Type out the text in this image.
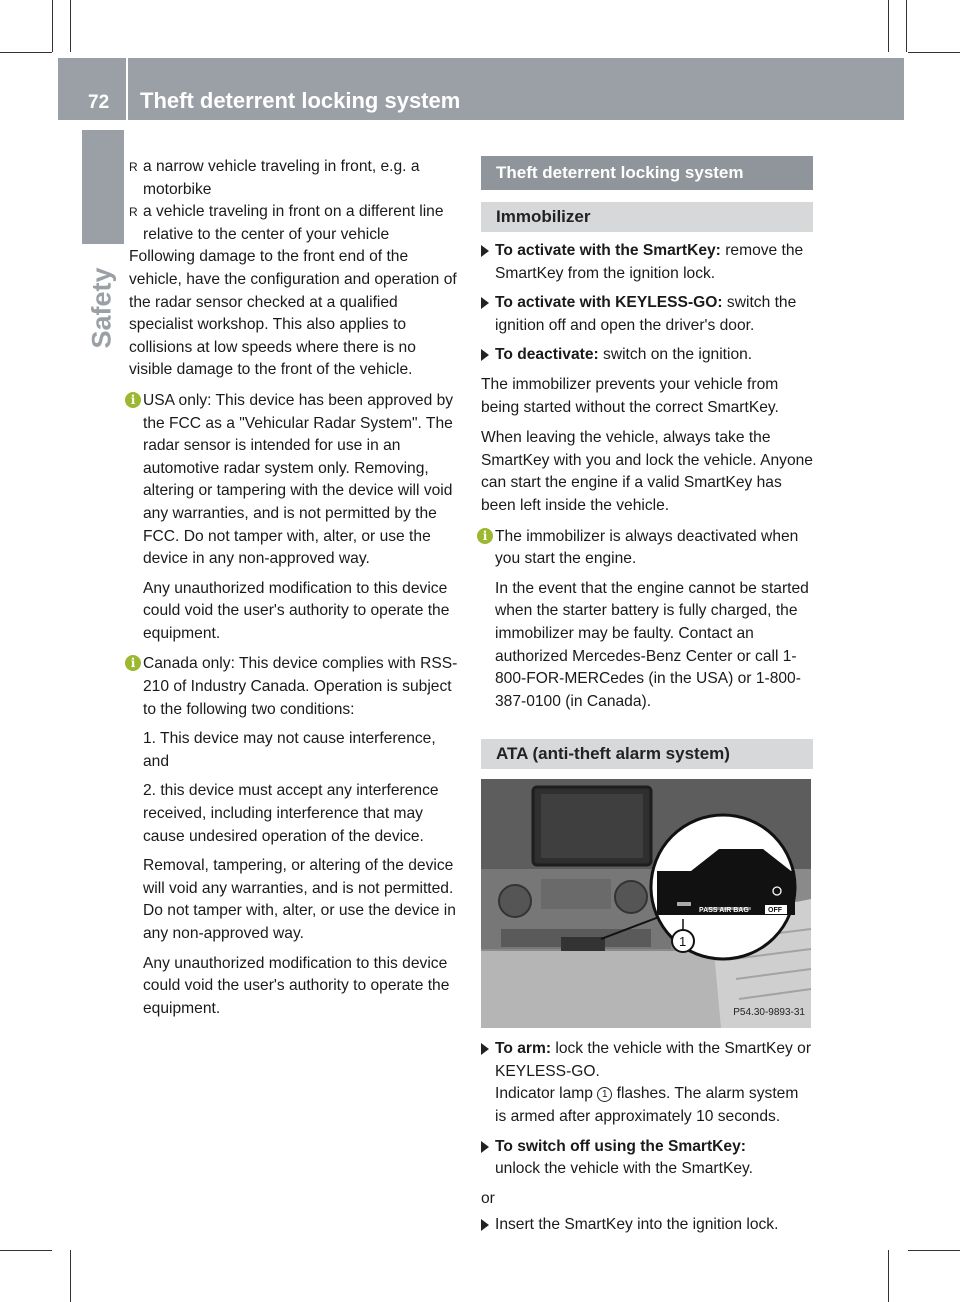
72 Theft deterrent locking system
Safety
R a narrow vehicle traveling in front, e.g. a motorbike
R a vehicle traveling in front on a different line relative to the center of your vehicle

Following damage to the front end of the vehicle, have the configuration and operation of the radar sensor checked at a qualified specialist workshop. This also applies to collisions at low speeds where there is no visible damage to the front of the vehicle.

i USA only: This device has been approved by the FCC as a "Vehicular Radar System". The radar sensor is intended for use in an automotive radar system only. Removing, altering or tampering with the device will void any warranties, and is not permitted by the FCC. Do not tamper with, alter, or use the device in any non-approved way.

Any unauthorized modification to this device could void the user's authority to operate the equipment.

i Canada only: This device complies with RSS-210 of Industry Canada. Operation is subject to the following two conditions:

1. This device may not cause interference, and

2. this device must accept any interference received, including interference that may cause undesired operation of the device.

Removal, tampering, or altering of the device will void any warranties, and is not permitted. Do not tamper with, alter, or use the device in any non-approved way.

Any unauthorized modification to this device could void the user's authority to operate the equipment.

Theft deterrent locking system
Immobilizer
To activate with the SmartKey: remove the SmartKey from the ignition lock.
To activate with KEYLESS-GO: switch the ignition off and open the driver's door.
To deactivate: switch on the ignition.

The immobilizer prevents your vehicle from being started without the correct SmartKey.

When leaving the vehicle, always take the SmartKey with you and lock the vehicle. Anyone can start the engine if a valid SmartKey has been left inside the vehicle.

i The immobilizer is always deactivated when you start the engine.

In the event that the engine cannot be started when the starter battery is fully charged, the immobilizer may be faulty. Contact an authorized Mercedes-Benz Center or call 1-800-FOR-MERCedes (in the USA) or 1-800-387-0100 (in Canada).

ATA (anti-theft alarm system)
PASS AIR BAG	OFF
1
P54.30-9893-31
To arm: lock the vehicle with the SmartKey or KEYLESS-GO.
Indicator lamp 1 flashes. The alarm system is armed after approximately 10 seconds.
To switch off using the SmartKey:
unlock the vehicle with the SmartKey.

or

Insert the SmartKey into the ignition lock.
